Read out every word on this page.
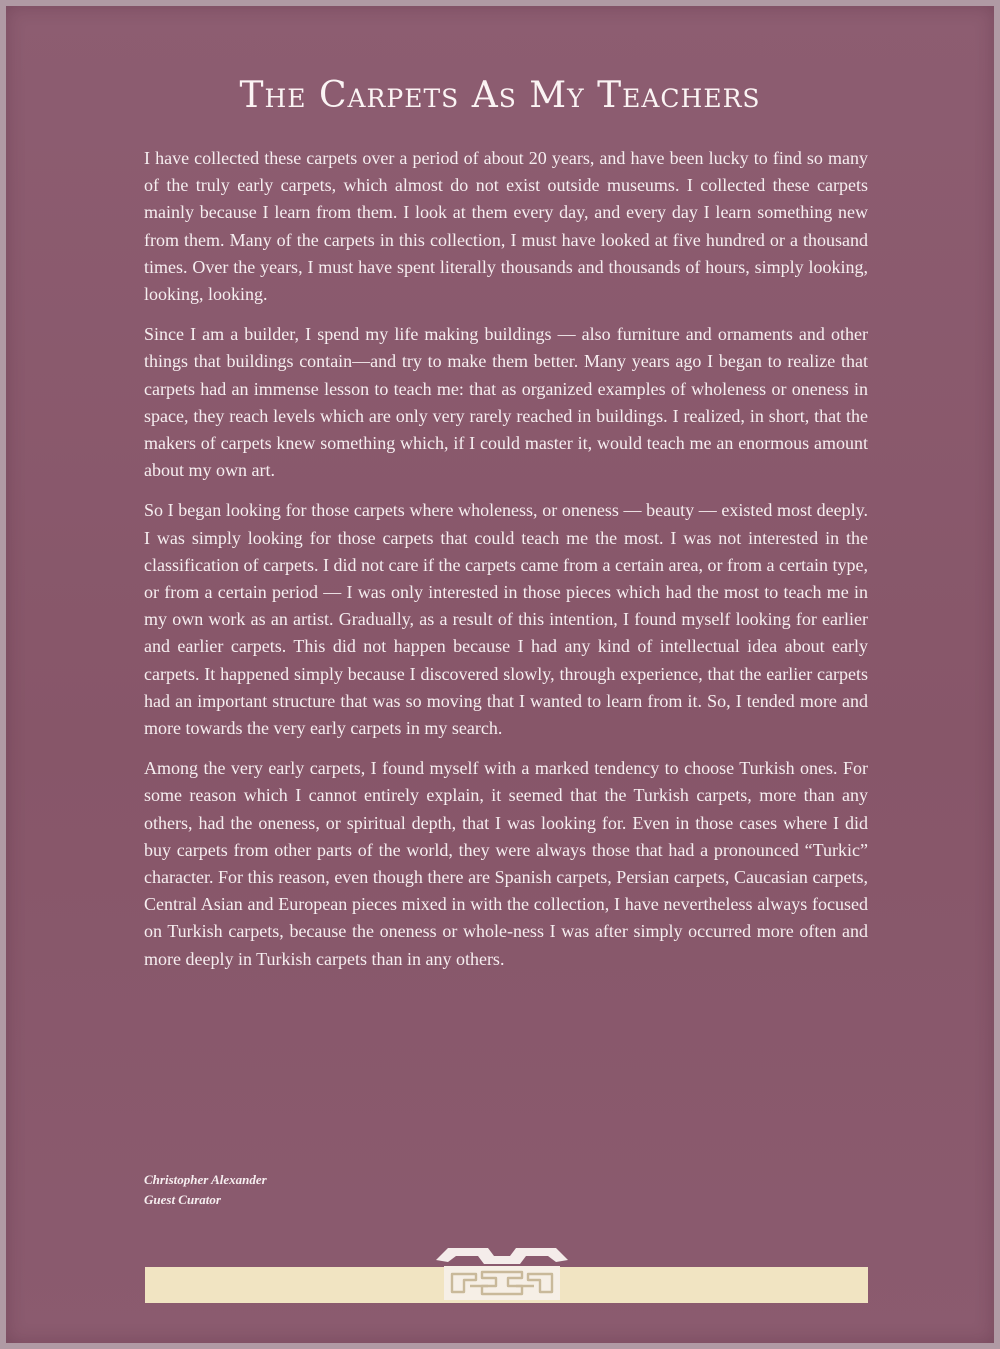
The Carpets As My Teachers

I have collected these carpets over a period of about 20 years, and have been lucky to find so many of the truly early carpets, which almost do not exist outside museums. I collected these carpets mainly because I learn from them. I look at them every day, and every day I learn something new from them. Many of the carpets in this collection, I must have looked at five hundred or a thousand times. Over the years, I must have spent literally thousands and thousands of hours, simply looking, looking, looking.

Since I am a builder, I spend my life making buildings — also furniture and ornaments and other things that buildings contain—and try to make them better. Many years ago I began to realize that carpets had an immense lesson to teach me: that as organized examples of wholeness or oneness in space, they reach levels which are only very rarely reached in buildings. I realized, in short, that the makers of carpets knew something which, if I could master it, would teach me an enormous amount about my own art.

So I began looking for those carpets where wholeness, or oneness — beauty — existed most deeply. I was simply looking for those carpets that could teach me the most. I was not interested in the classification of carpets. I did not care if the carpets came from a certain area, or from a certain type, or from a certain period — I was only interested in those pieces which had the most to teach me in my own work as an artist. Gradually, as a result of this intention, I found myself looking for earlier and earlier carpets. This did not happen because I had any kind of intellectual idea about early carpets. It happened simply because I discovered slowly, through experience, that the earlier carpets had an important structure that was so moving that I wanted to learn from it. So, I tended more and more towards the very early carpets in my search.

Among the very early carpets, I found myself with a marked tendency to choose Turkish ones. For some reason which I cannot entirely explain, it seemed that the Turkish carpets, more than any others, had the oneness, or spiritual depth, that I was looking for. Even in those cases where I did buy carpets from other parts of the world, they were always those that had a pronounced “Turkic” character. For this reason, even though there are Spanish carpets, Persian carpets, Caucasian carpets, Central Asian and European pieces mixed in with the collection, I have nevertheless always focused on Turkish carpets, because the oneness or whole-ness I was after simply occurred more often and more deeply in Turkish carpets than in any others.

Christopher Alexander
Guest Curator
